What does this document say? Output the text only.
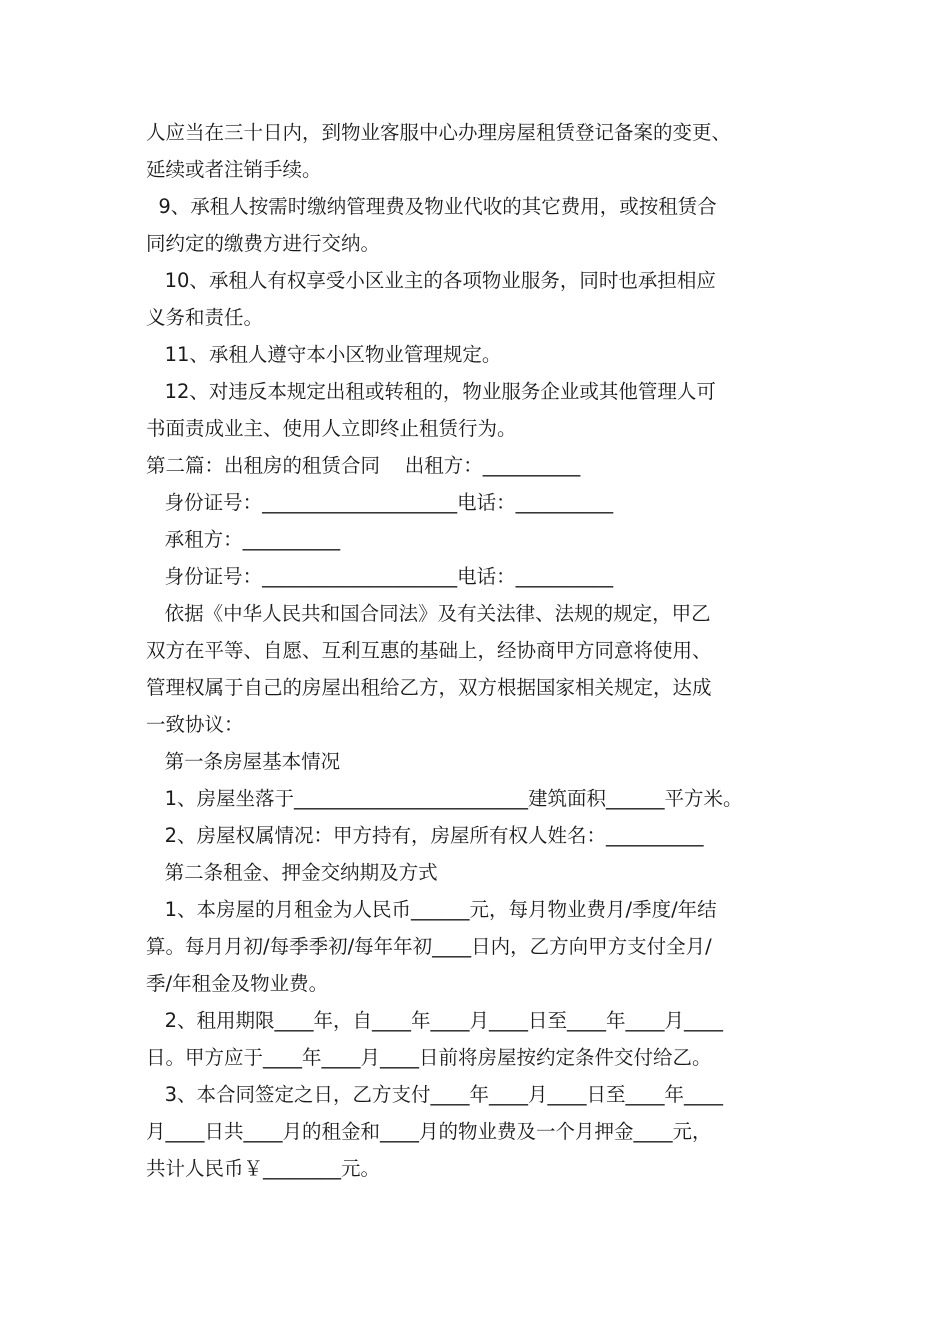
人应当在三十日内，到物业客服中心办理房屋租赁登记备案的变更、
延续或者注销手续。
9、承租人按需时缴纳管理费及物业代收的其它费用，或按租赁合
同约定的缴费方进行交纳。
10、承租人有权享受小区业主的各项物业服务，同时也承担相应
义务和责任。
11、承租人遵守本小区物业管理规定。
12、对违反本规定出租或转租的，物业服务企业或其他管理人可
书面责成业主、使用人立即终止租赁行为。
第二篇：出租房的租赁合同    出租方：__________
身份证号：____________________电话：__________
承租方：__________
身份证号：____________________电话：__________
依据《中华人民共和国合同法》及有关法律、法规的规定，甲乙
双方在平等、自愿、互利互惠的基础上，经协商甲方同意将使用、
管理权属于自己的房屋出租给乙方，双方根据国家相关规定，达成
一致协议：
第一条房屋基本情况
1、房屋坐落于________________________建筑面积______平方米。
2、房屋权属情况：甲方持有，房屋所有权人姓名：__________
第二条租金、押金交纳期及方式
1、本房屋的月租金为人民币______元，每月物业费月/季度/年结
算。每月月初/每季季初/每年年初____日内，乙方向甲方支付全月/
季/年租金及物业费。
2、租用期限____年，自____年____月____日至____年____月____
日。甲方应于____年____月____日前将房屋按约定条件交付给乙。
3、本合同签定之日，乙方支付____年____月____日至____年____
月____日共____月的租金和____月的物业费及一个月押金____元，
共计人民币￥________元。
